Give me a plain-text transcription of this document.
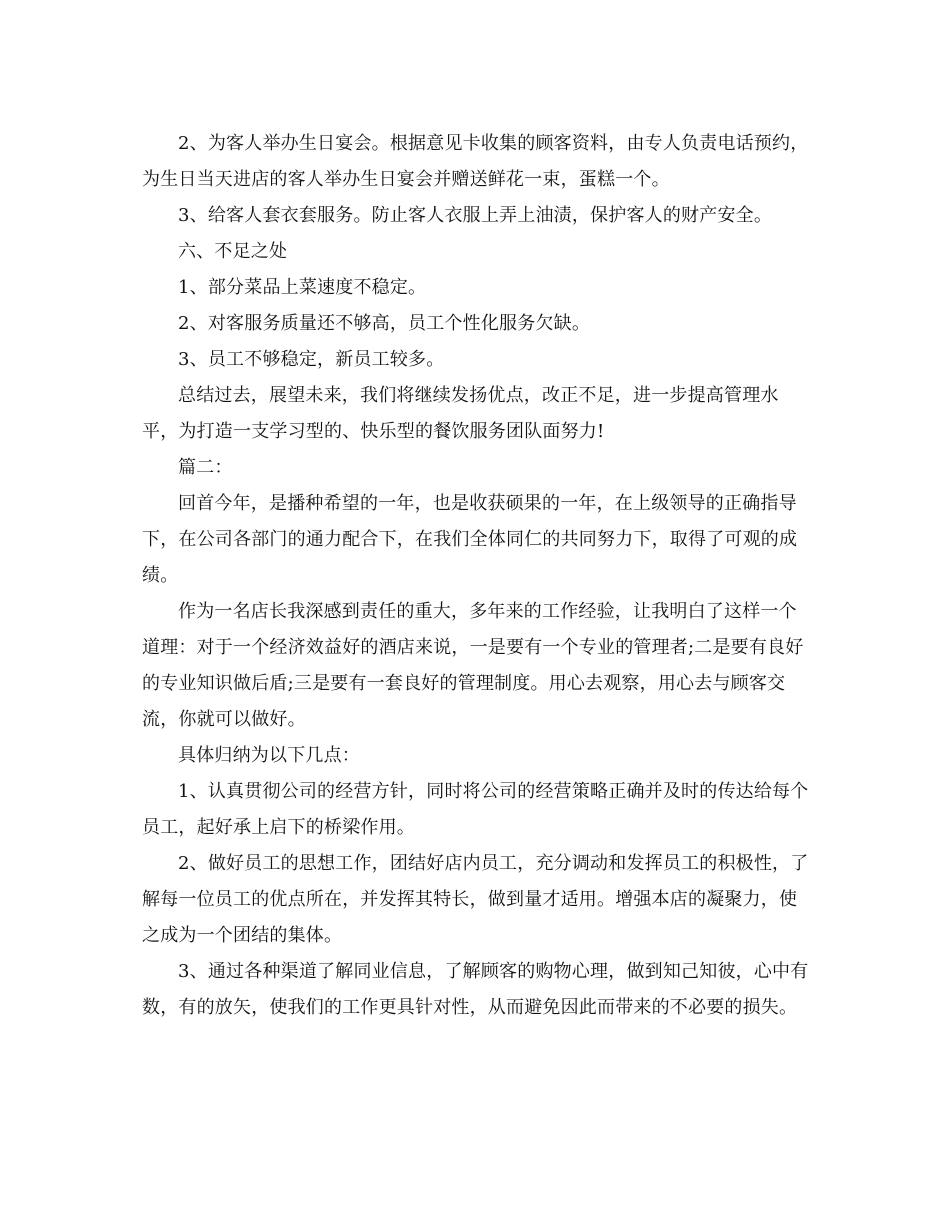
2、为客人举办生日宴会。根据意见卡收集的顾客资料，由专人负责电话预约，为生日当天进店的客人举办生日宴会并赠送鲜花一束，蛋糕一个。

3、给客人套衣套服务。防止客人衣服上弄上油渍，保护客人的财产安全。

六、不足之处

1、部分菜品上菜速度不稳定。

2、对客服务质量还不够高，员工个性化服务欠缺。

3、员工不够稳定，新员工较多。

总结过去，展望未来，我们将继续发扬优点，改正不足，进一步提高管理水平，为打造一支学习型的、快乐型的餐饮服务团队面努力!

篇二：

回首今年，是播种希望的一年，也是收获硕果的一年，在上级领导的正确指导下，在公司各部门的通力配合下，在我们全体同仁的共同努力下，取得了可观的成绩。

作为一名店长我深感到责任的重大，多年来的工作经验，让我明白了这样一个道理：对于一个经济效益好的酒店来说，一是要有一个专业的管理者;二是要有良好的专业知识做后盾;三是要有一套良好的管理制度。用心去观察，用心去与顾客交流，你就可以做好。

具体归纳为以下几点：

1、认真贯彻公司的经营方针，同时将公司的经营策略正确并及时的传达给每个员工，起好承上启下的桥梁作用。

2、做好员工的思想工作，团结好店内员工，充分调动和发挥员工的积极性，了解每一位员工的优点所在，并发挥其特长，做到量才适用。增强本店的凝聚力，使之成为一个团结的集体。

3、通过各种渠道了解同业信息，了解顾客的购物心理，做到知己知彼，心中有数，有的放矢，使我们的工作更具针对性，从而避免因此而带来的不必要的损失。
